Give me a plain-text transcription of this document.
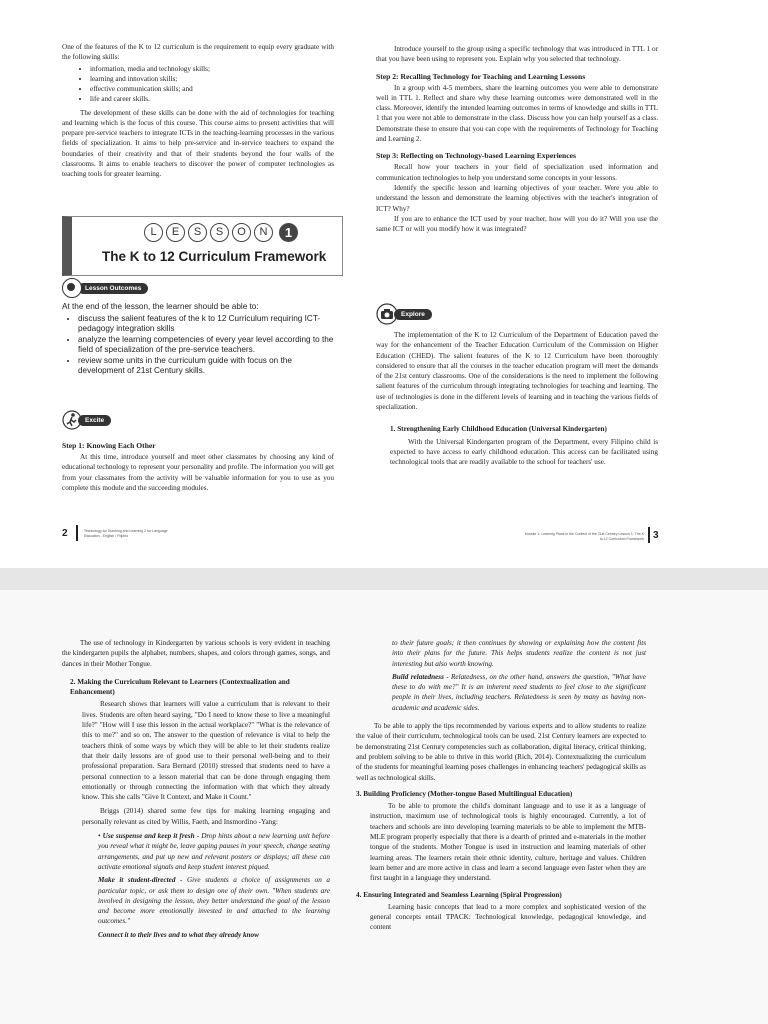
One of the features of the K to 12 curriculum is the requirement to equip every graduate with the following skills:

• information, media and technology skills;
• learning and innovation skills;
• effective communication skills; and
• life and career skills.

The development of these skills can be done with the aid of technologies for teaching and learning which is the focus of this course. This course aims to present activities that will prepare pre-service teachers to integrate ICTs in the teaching-learning processes in the various fields of specialization. It aims to help pre-service and in-service teachers to expand the boundaries of their creativity and that of their students beyond the four walls of the classrooms. It aims to enable teachers to discover the power of computer technologies as teaching tools for greater learning.

L	E	S	S	O	N	1
The K to 12 Curriculum Framework
Lesson Outcomes

At the end of the lesson, the learner should be able to:

• discuss the salient features of the k to 12 Curriculum requiring ICT-pedagogy integration skills
• analyze the learning competencies of every year level according to the field of specialization of the pre-service teachers.
• review some units in the curriculum guide with focus on the development of 21st Century skills.
Excite

Step 1: Knowing Each Other

At this time, introduce yourself and meet other classmates by choosing any kind of educational technology to represent your personality and profile. The information you will get from your classmates from the activity will be valuable information for you to use as you complete this module and the succeeding modules.

2	Technology for Teaching and Learning 2 for Language Education - English / Filipino

Introduce yourself to the group using a specific technology that was introduced in TTL 1 or that you have been using to represent you. Explain why you selected that technology.

Step 2: Recalling Technology for Teaching and Learning Lessons

In a group with 4-5 members, share the learning outcomes you were able to demonstrate well in TTL 1. Reflect and share why these learning outcomes were demonstrated well in the class. Moreover, identify the intended learning outcomes in terms of knowledge and skills in TTL 1 that you were not able to demonstrate in the class. Discuss how you can help yourself as a class. Demonstrate these to ensure that you can cope with the requirements of Technology for Teaching and Learning 2.

Step 3: Reflecting on Technology-based Learning Experiences

Recall how your teachers in your field of specialization used information and communication technologies to help you understand some concepts in your lessons.

Identify the specific lesson and learning objectives of your teacher. Were you able to understand the lesson and demonstrate the learning objectives with the teacher's integration of ICT? Why?

If you are to enhance the ICT used by your teacher, how will you do it? Will you use the same ICT or will you modify how it was integrated?

Explore

The implementation of the K to 12 Curriculum of the Department of Education paved the way for the enhancement of the Teacher Education Curriculum of the Commission on Higher Education (CHED). The salient features of the K to 12 Curriculum have been thoroughly considered to ensure that all the courses in the teacher education program will meet the demands of the 21st century classrooms. One of the considerations is the need to implement the following salient features of the curriculum through integrating technologies for teaching and learning. The use of technologies is done in the different levels of learning and in teaching the various fields of specialization.

1. Strengthening Early Childhood Education (Universal Kindergarten)

With the Universal Kindergarten program of the Department, every Filipino child is expected to have access to early childhood education. This access can be facilitated using technological tools that are readily available to the school for teachers' use.

Module 1: Learning Plans in the Context of the 21st Century Lesson 1: The K to 12 Curriculum Framework 3

The use of technology in Kindergarten by various schools is very evident in teaching the kindergarten pupils the alphabet, numbers, shapes, and colors through games, songs, and dances in their Mother Tongue.

2. Making the Curriculum Relevant to Learners (Contextualization and Enhancement)

Research shows that learners will value a curriculum that is relevant to their lives. Students are often heard saying, "Do I need to know these to live a meaningful life?" "How will I use this lesson in the actual workplace?" "What is the relevance of this to me?" and so on. The answer to the question of relevance is vital to help the teachers think of some ways by which they will be able to let their students realize that their daily lessons are of good use to their personal well-being and to their professional preparation. Sara Bernard (2010) stressed that students need to have a personal connection to a lesson material that can be done through engaging them emotionally or through connecting the information with that which they already know. This she calls "Give It Context, and Make it Count."

Briggs (2014) shared some few tips for making learning engaging and personally relevant as cited by Willis, Faeth, and Insmordino -Yang:

• Use suspense and keep it fresh - Drop hints about a new learning unit before you reveal what it might be, leave gaping pauses in your speech, change seating arrangements, and put up new and relevant posters or displays; all these can activate emotional signals and keep student interest piqued.

Make it student-directed - Give students a choice of assignments on a particular topic, or ask them to design one of their own. "When students are involved in designing the lesson, they better understand the goal of the lesson and become more emotionally invested in and attached to the learning outcomes."

Connect it to their lives and to what they already know

to their future goals; it then continues by showing or explaining how the content fits into their plans for the future. This helps students realize the content is not just interesting but also worth knowing.

Build relatedness - Relatedness, on the other hand, answers the question, "What have these to do with me?" It is an inherent need students to feel close to the significant people in their lives, including teachers. Relatedness is seen by many as having non-academic and academic sides.

To be able to apply the tips recommended by various experts and to allow students to realize the value of their curriculum, technological tools can be used. 21st Century learners are expected to be demonstrating 21st Century competencies such as collaboration, digital literacy, critical thinking, and problem solving to be able to thrive in this world (Rich, 2014). Contextualizing the curriculum of the students for meaningful learning poses challenges in enhancing teachers' pedagogical skills as well as technological skills.

3. Building Proficiency (Mother-tongue Based Multilingual Education)

To be able to promote the child's dominant language and to use it as a language of instruction, maximum use of technological tools is highly encouraged. Currently, a lot of teachers and schools are into developing learning materials to be able to implement the MTB-MLE program properly especially that there is a dearth of printed and e-materials in the mother tongue of the students. Mother Tongue is used in instruction and learning materials of other learning areas. The learners retain their ethnic identity, culture, heritage and values. Children learn better and are more active in class and learn a second language even faster when they are first taught in a language they understand.

4. Ensuring Integrated and Seamless Learning (Spiral Progression)

Learning basic concepts that lead to a more complex and sophisticated version of the general concepts entail TPACK: Technological knowledge, pedagogical knowledge, and content
